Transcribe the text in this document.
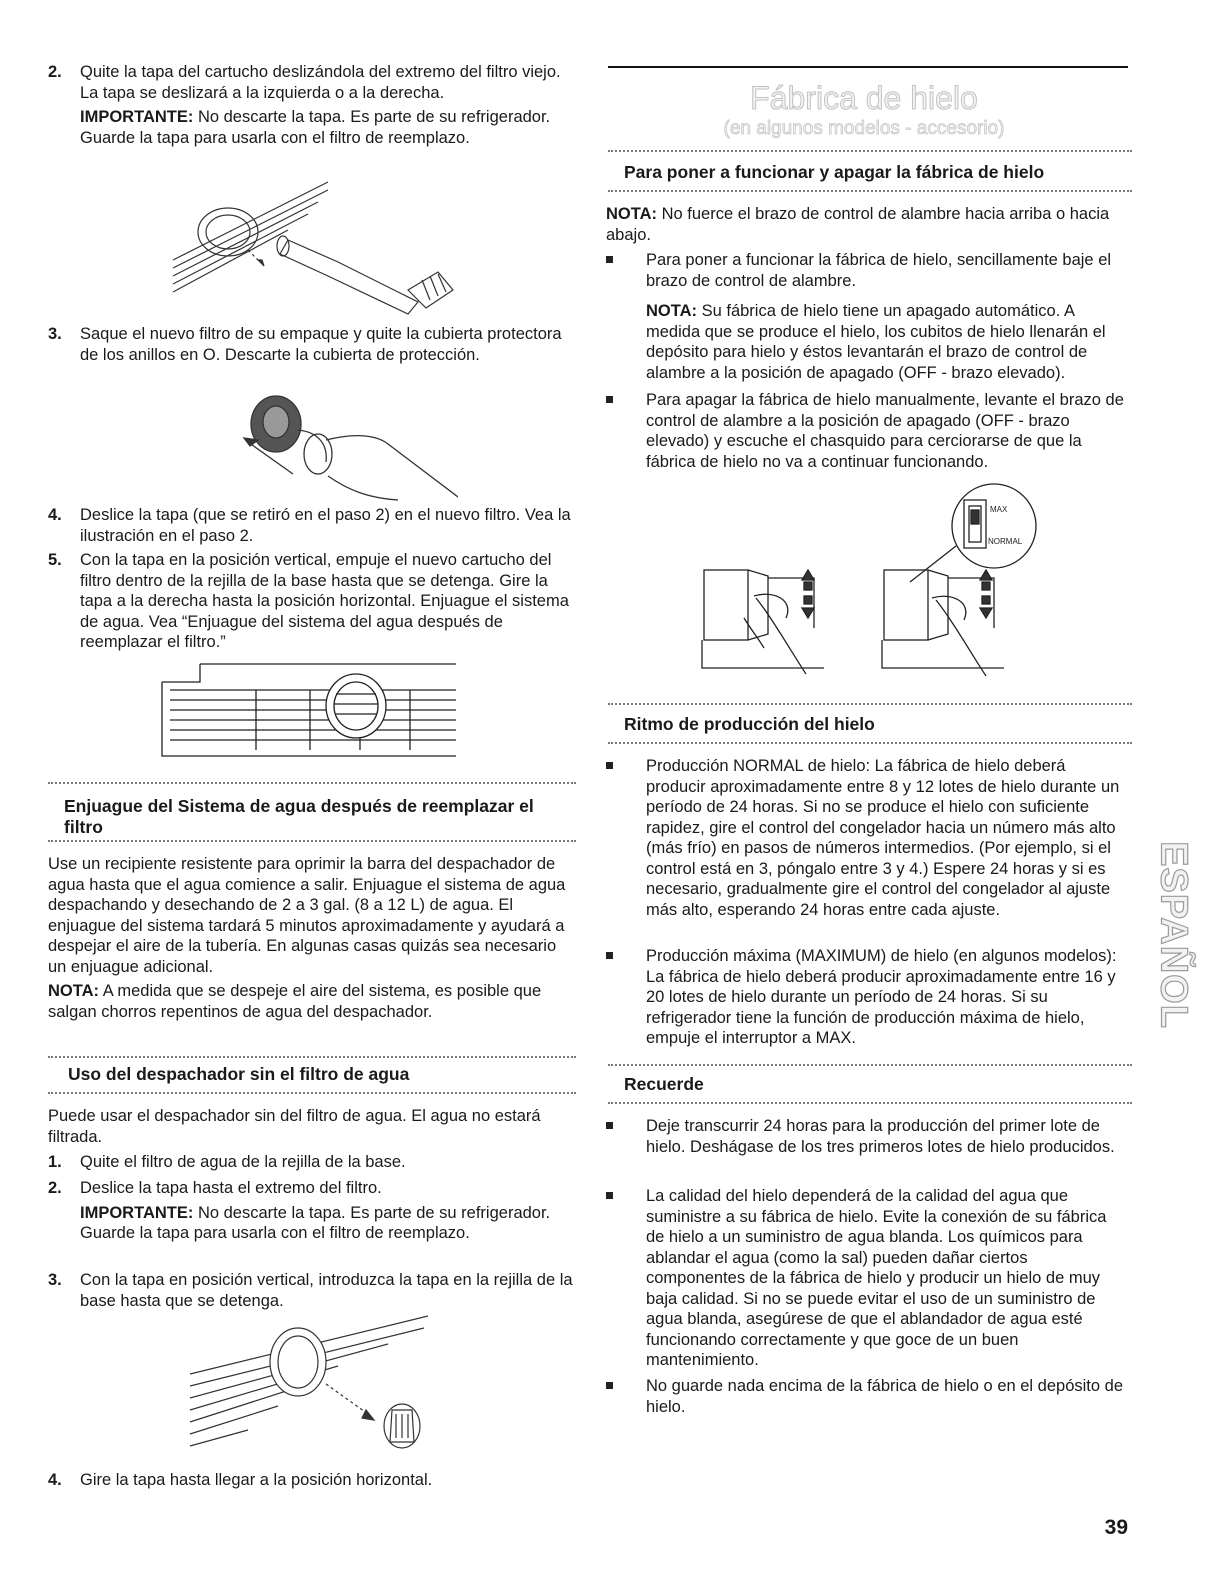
2. Quite la tapa del cartucho deslizándola del extremo del filtro viejo. La tapa se deslizará a la izquierda o a la derecha.

IMPORTANTE: No descarte la tapa. Es parte de su refrigerador. Guarde la tapa para usarla con el filtro de reemplazo.

3. Saque el nuevo filtro de su empaque y quite la cubierta protectora de los anillos en O. Descarte la cubierta de protección.

4. Deslice la tapa (que se retiró en el paso 2) en el nuevo filtro. Vea la ilustración en el paso 2.

5. Con la tapa en la posición vertical, empuje el nuevo cartucho del filtro dentro de la rejilla de la base hasta que se detenga. Gire la tapa a la derecha hasta la posición horizontal. Enjuague el sistema de agua. Vea “Enjuague del sistema del agua después de reemplazar el filtro.”

Enjuague del Sistema de agua después de reemplazar el filtro

Use un recipiente resistente para oprimir la barra del despachador de agua hasta que el agua comience a salir. Enjuague el sistema de agua despachando y desechando de 2 a 3 gal. (8 a 12 L) de agua. El enjuague del sistema tardará 5 minutos aproximadamente y ayudará a despejar el aire de la tubería. En algunas casas quizás sea necesario un enjuague adicional.

NOTA: A medida que se despeje el aire del sistema, es posible que salgan chorros repentinos de agua del despachador.

Uso del despachador sin el filtro de agua

Puede usar el despachador sin del filtro de agua. El agua no estará filtrada.

1. Quite el filtro de agua de la rejilla de la base.

2. Deslice la tapa hasta el extremo del filtro.

IMPORTANTE: No descarte la tapa. Es parte de su refrigerador. Guarde la tapa para usarla con el filtro de reemplazo.

3. Con la tapa en posición vertical, introduzca la tapa en la rejilla de la base hasta que se detenga.

4. Gire la tapa hasta llegar a la posición horizontal.

Fábrica de hielo
(en algunos modelos - accesorio)
Para poner a funcionar y apagar la fábrica de hielo

NOTA: No fuerce el brazo de control de alambre hacia arriba o hacia abajo.

Para poner a funcionar la fábrica de hielo, sencillamente baje el brazo de control de alambre.

NOTA: Su fábrica de hielo tiene un apagado automático. A medida que se produce el hielo, los cubitos de hielo llenarán el depósito para hielo y éstos levantarán el brazo de control de alambre a la posición de apagado (OFF - brazo elevado).

Para apagar la fábrica de hielo manualmente, levante el brazo de control de alambre a la posición de apagado (OFF - brazo elevado) y escuche el chasquido para cerciorarse de que la fábrica de hielo no va a continuar funcionando.

MAX
NORMAL
Ritmo de producción del hielo

Producción NORMAL de hielo: La fábrica de hielo deberá producir aproximadamente entre 8 y 12 lotes de hielo durante un período de 24 horas. Si no se produce el hielo con suficiente rapidez, gire el control del congelador hacia un número más alto (más frío) en pasos de números intermedios. (Por ejemplo, si el control está en 3, póngalo entre 3 y 4.) Espere 24 horas y si es necesario, gradualmente gire el control del congelador al ajuste más alto, esperando 24 horas entre cada ajuste.

Producción máxima (MAXIMUM) de hielo (en algunos modelos): La fábrica de hielo deberá producir aproximadamente entre 16 y 20 lotes de hielo durante un período de 24 horas. Si su refrigerador tiene la función de producción máxima de hielo, empuje el interruptor a MAX.

Recuerde

Deje transcurrir 24 horas para la producción del primer lote de hielo. Deshágase de los tres primeros lotes de hielo producidos.

La calidad del hielo dependerá de la calidad del agua que suministre a su fábrica de hielo. Evite la conexión de su fábrica de hielo a un suministro de agua blanda. Los químicos para ablandar el agua (como la sal) pueden dañar ciertos componentes de la fábrica de hielo y producir un hielo de muy baja calidad. Si no se puede evitar el uso de un suministro de agua blanda, asegúrese de que el ablandador de agua esté funcionando correctamente y que goce de un buen mantenimiento.

No guarde nada encima de la fábrica de hielo o en el depósito de hielo.

39
ESPAÑOL
